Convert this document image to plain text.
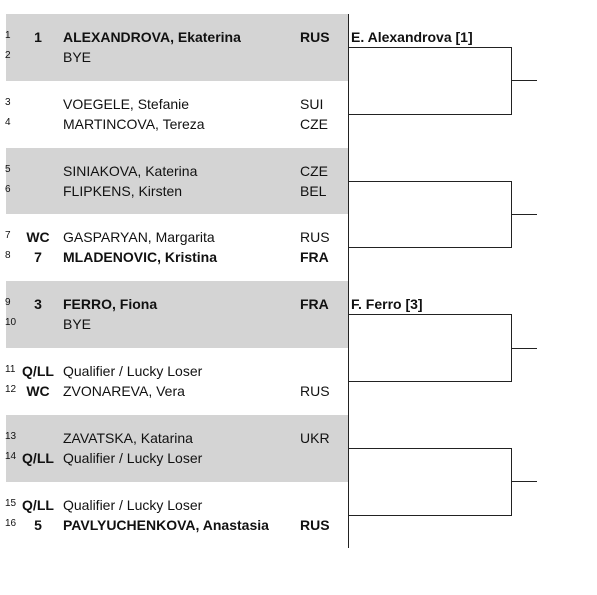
1	1	ALEXANDROVA, Ekaterina	RUS
2	BYE
E. Alexandrova [1]
3	VOEGELE, Stefanie	SUI
4	MARTINCOVA, Tereza	CZE
5	SINIAKOVA, Katerina	CZE
6	FLIPKENS, Kirsten	BEL
7	WC GASPARYAN, Margarita	RUS
8	7	MLADENOVIC, Kristina	FRA
9	3	FERRO, Fiona	FRA
10	BYE
F. Ferro [3]
11 Q/LL Qualifier / Lucky Loser
12 WC ZVONAREVA, Vera	RUS
13	ZAVATSKA, Katarina	UKR
14 Q/LL Qualifier / Lucky Loser
15 Q/LL Qualifier / Lucky Loser
16	5	PAVLYUCHENKOVA, Anastasia RUS
